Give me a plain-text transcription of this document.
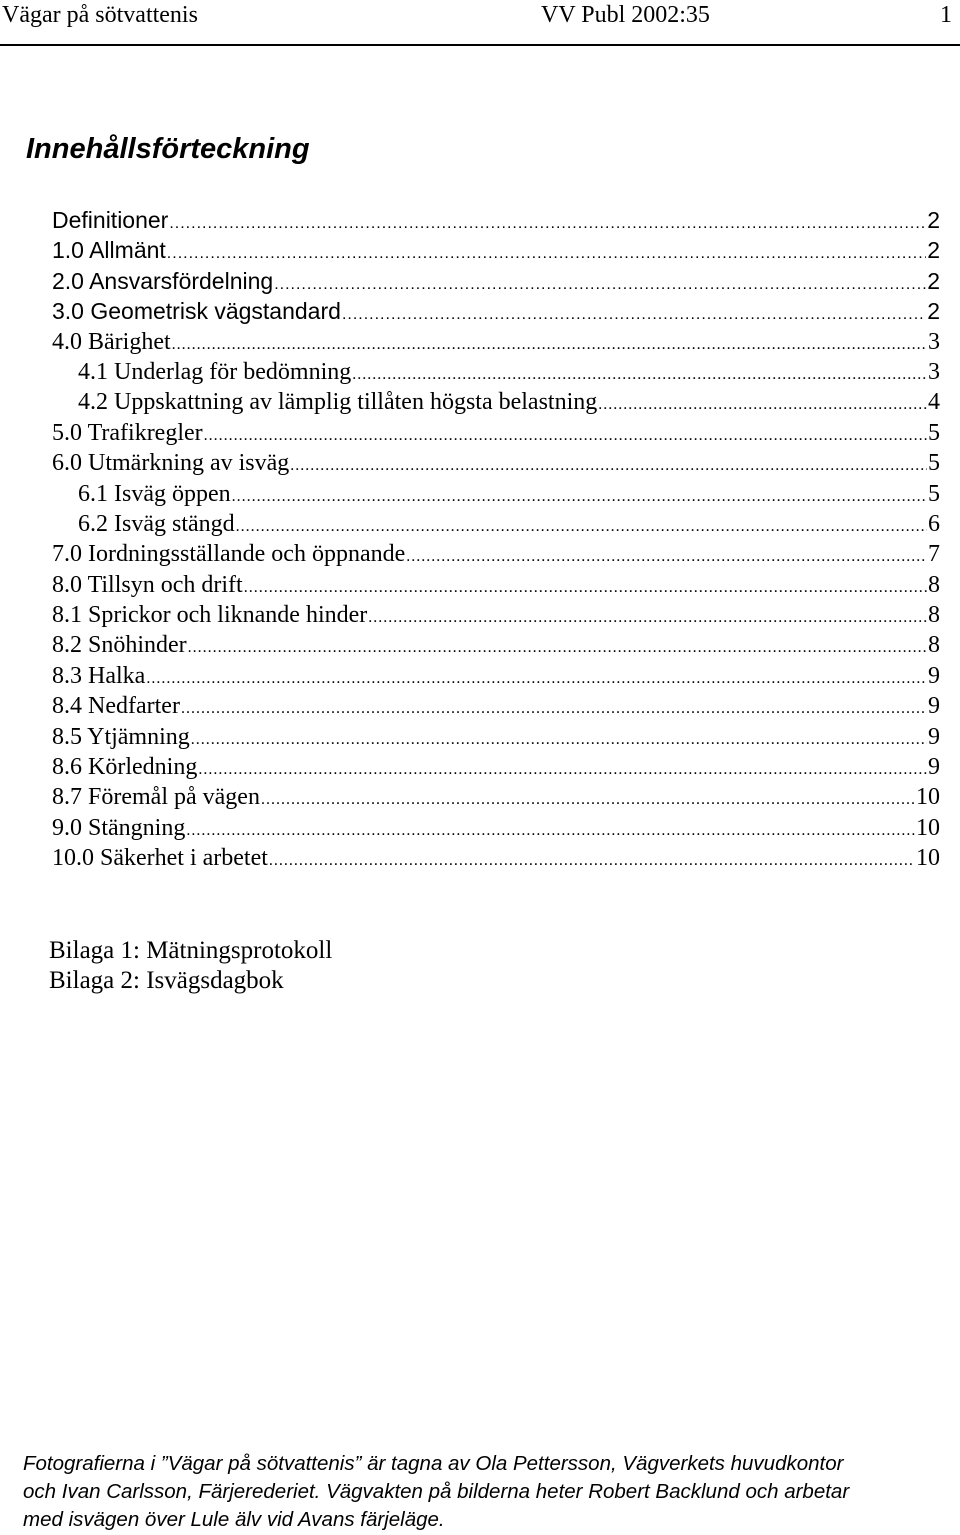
Vägar på sötvattenis	VV Publ 2002:35	1
Innehållsförteckning
Definitioner .....	2
1.0 Allmänt .....	2
2.0 Ansvarsfördelning .....	2
3.0 Geometrisk vägstandard .....	2
4.0 Bärighet .....	3
4.1 Underlag för bedömning .....	3
4.2 Uppskattning av lämplig tillåten högsta belastning .....	4
5.0 Trafikregler .....	5
6.0 Utmärkning av isväg .....	5
6.1 Isväg öppen .....	5
6.2 Isväg stängd .....	6
7.0 Iordningsställande och öppnande .....	7
8.0 Tillsyn och drift .....	8
8.1 Sprickor och liknande hinder .....	8
8.2 Snöhinder .....	8
8.3 Halka .....	9
8.4 Nedfarter .....	9
8.5 Ytjämning .....	9
8.6 Körledning .....	9
8.7 Föremål på vägen .....	10
9.0 Stängning .....	10
10.0 Säkerhet i arbetet .....	10
Bilaga 1: Mätningsprotokoll
Bilaga 2: Isvägsdagbok

Fotografierna i ”Vägar på sötvattenis” är tagna av Ola Pettersson, Vägverkets huvudkontor
och Ivan Carlsson, Färjerederiet. Vägvakten på bilderna heter Robert Backlund och arbetar
med isvägen över Lule älv vid Avans färjeläge.
